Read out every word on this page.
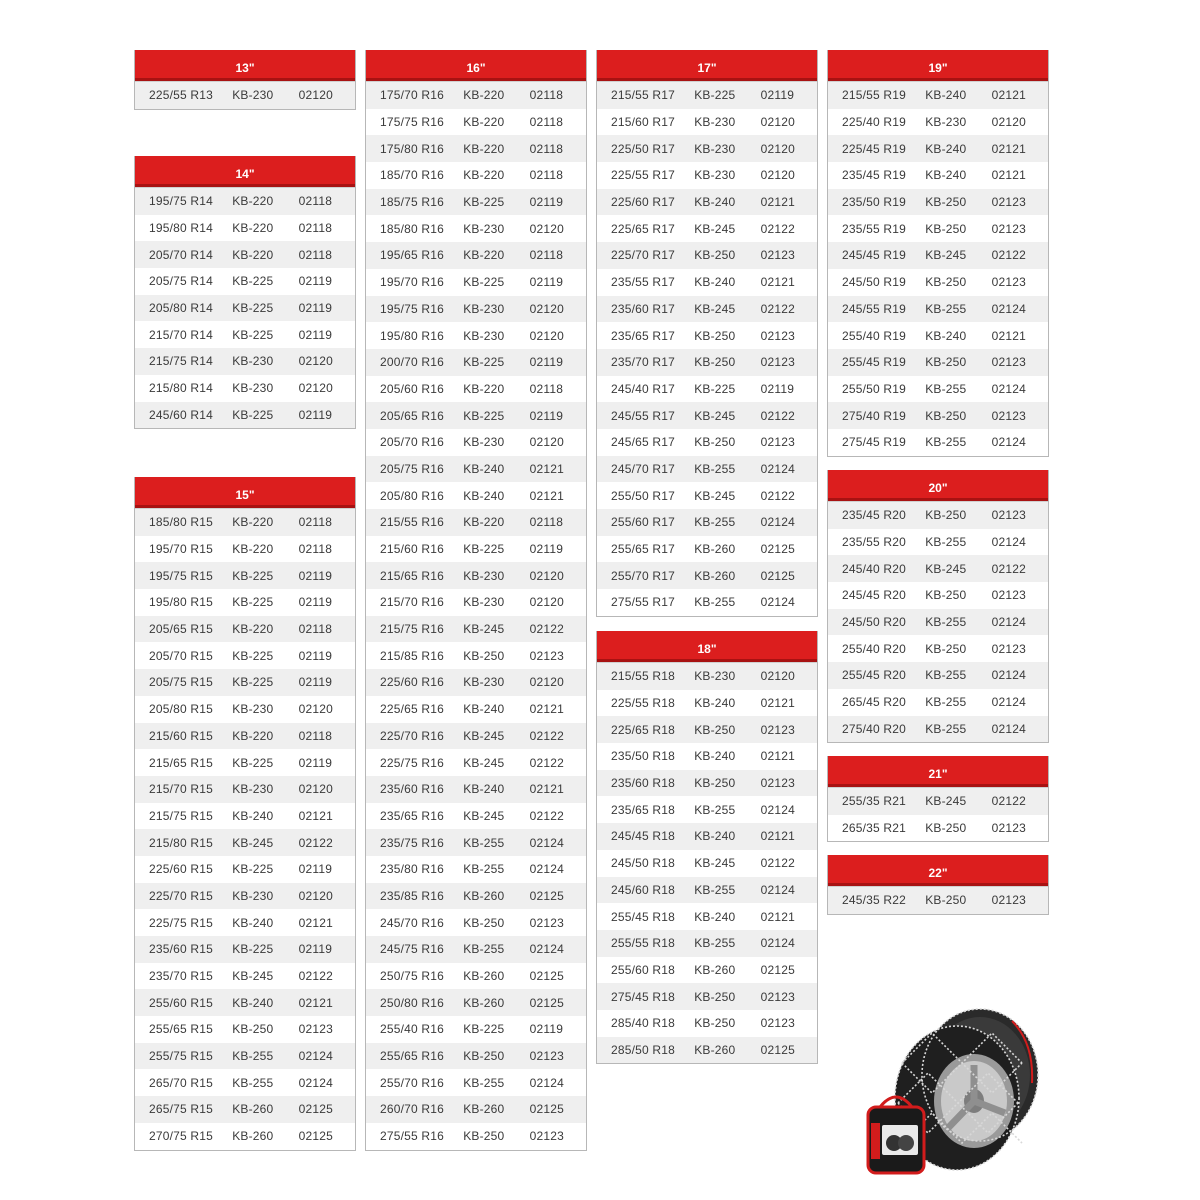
13"
225/55 R13	KB-230	02120
14"
195/75 R14	KB-220	02118
195/80 R14	KB-220	02118
205/70 R14	KB-220	02118
205/75 R14	KB-225	02119
205/80 R14	KB-225	02119
215/70 R14	KB-225	02119
215/75 R14	KB-230	02120
215/80 R14	KB-230	02120
245/60 R14	KB-225	02119
15"
185/80 R15	KB-220	02118
195/70 R15	KB-220	02118
195/75 R15	KB-225	02119
195/80 R15	KB-225	02119
205/65 R15	KB-220	02118
205/70 R15	KB-225	02119
205/75 R15	KB-225	02119
205/80 R15	KB-230	02120
215/60 R15	KB-220	02118
215/65 R15	KB-225	02119
215/70 R15	KB-230	02120
215/75 R15	KB-240	02121
215/80 R15	KB-245	02122
225/60 R15	KB-225	02119
225/70 R15	KB-230	02120
225/75 R15	KB-240	02121
235/60 R15	KB-225	02119
235/70 R15	KB-245	02122
255/60 R15	KB-240	02121
255/65 R15	KB-250	02123
255/75 R15	KB-255	02124
265/70 R15	KB-255	02124
265/75 R15	KB-260	02125
270/75 R15	KB-260	02125
16"
175/70 R16	KB-220	02118
175/75 R16	KB-220	02118
175/80 R16	KB-220	02118
185/70 R16	KB-220	02118
185/75 R16	KB-225	02119
185/80 R16	KB-230	02120
195/65 R16	KB-220	02118
195/70 R16	KB-225	02119
195/75 R16	KB-230	02120
195/80 R16	KB-230	02120
200/70 R16	KB-225	02119
205/60 R16	KB-220	02118
205/65 R16	KB-225	02119
205/70 R16	KB-230	02120
205/75 R16	KB-240	02121
205/80 R16	KB-240	02121
215/55 R16	KB-220	02118
215/60 R16	KB-225	02119
215/65 R16	KB-230	02120
215/70 R16	KB-230	02120
215/75 R16	KB-245	02122
215/85 R16	KB-250	02123
225/60 R16	KB-230	02120
225/65 R16	KB-240	02121
225/70 R16	KB-245	02122
225/75 R16	KB-245	02122
235/60 R16	KB-240	02121
235/65 R16	KB-245	02122
235/75 R16	KB-255	02124
235/80 R16	KB-255	02124
235/85 R16	KB-260	02125
245/70 R16	KB-250	02123
245/75 R16	KB-255	02124
250/75 R16	KB-260	02125
250/80 R16	KB-260	02125
255/40 R16	KB-225	02119
255/65 R16	KB-250	02123
255/70 R16	KB-255	02124
260/70 R16	KB-260	02125
275/55 R16	KB-250	02123
17"
215/55 R17	KB-225	02119
215/60 R17	KB-230	02120
225/50 R17	KB-230	02120
225/55 R17	KB-230	02120
225/60 R17	KB-240	02121
225/65 R17	KB-245	02122
225/70 R17	KB-250	02123
235/55 R17	KB-240	02121
235/60 R17	KB-245	02122
235/65 R17	KB-250	02123
235/70 R17	KB-250	02123
245/40 R17	KB-225	02119
245/55 R17	KB-245	02122
245/65 R17	KB-250	02123
245/70 R17	KB-255	02124
255/50 R17	KB-245	02122
255/60 R17	KB-255	02124
255/65 R17	KB-260	02125
255/70 R17	KB-260	02125
275/55 R17	KB-255	02124
18"
215/55 R18	KB-230	02120
225/55 R18	KB-240	02121
225/65 R18	KB-250	02123
235/50 R18	KB-240	02121
235/60 R18	KB-250	02123
235/65 R18	KB-255	02124
245/45 R18	KB-240	02121
245/50 R18	KB-245	02122
245/60 R18	KB-255	02124
255/45 R18	KB-240	02121
255/55 R18	KB-255	02124
255/60 R18	KB-260	02125
275/45 R18	KB-250	02123
285/40 R18	KB-250	02123
285/50 R18	KB-260	02125
19"
215/55 R19	KB-240	02121
225/40 R19	KB-230	02120
225/45 R19	KB-240	02121
235/45 R19	KB-240	02121
235/50 R19	KB-250	02123
235/55 R19	KB-250	02123
245/45 R19	KB-245	02122
245/50 R19	KB-250	02123
245/55 R19	KB-255	02124
255/40 R19	KB-240	02121
255/45 R19	KB-250	02123
255/50 R19	KB-255	02124
275/40 R19	KB-250	02123
275/45 R19	KB-255	02124
20"
235/45 R20	KB-250	02123
235/55 R20	KB-255	02124
245/40 R20	KB-245	02122
245/45 R20	KB-250	02123
245/50 R20	KB-255	02124
255/40 R20	KB-250	02123
255/45 R20	KB-255	02124
265/45 R20	KB-255	02124
275/40 R20	KB-255	02124
21"
255/35 R21	KB-245	02122
265/35 R21	KB-250	02123
22"
245/35 R22	KB-250	02123
